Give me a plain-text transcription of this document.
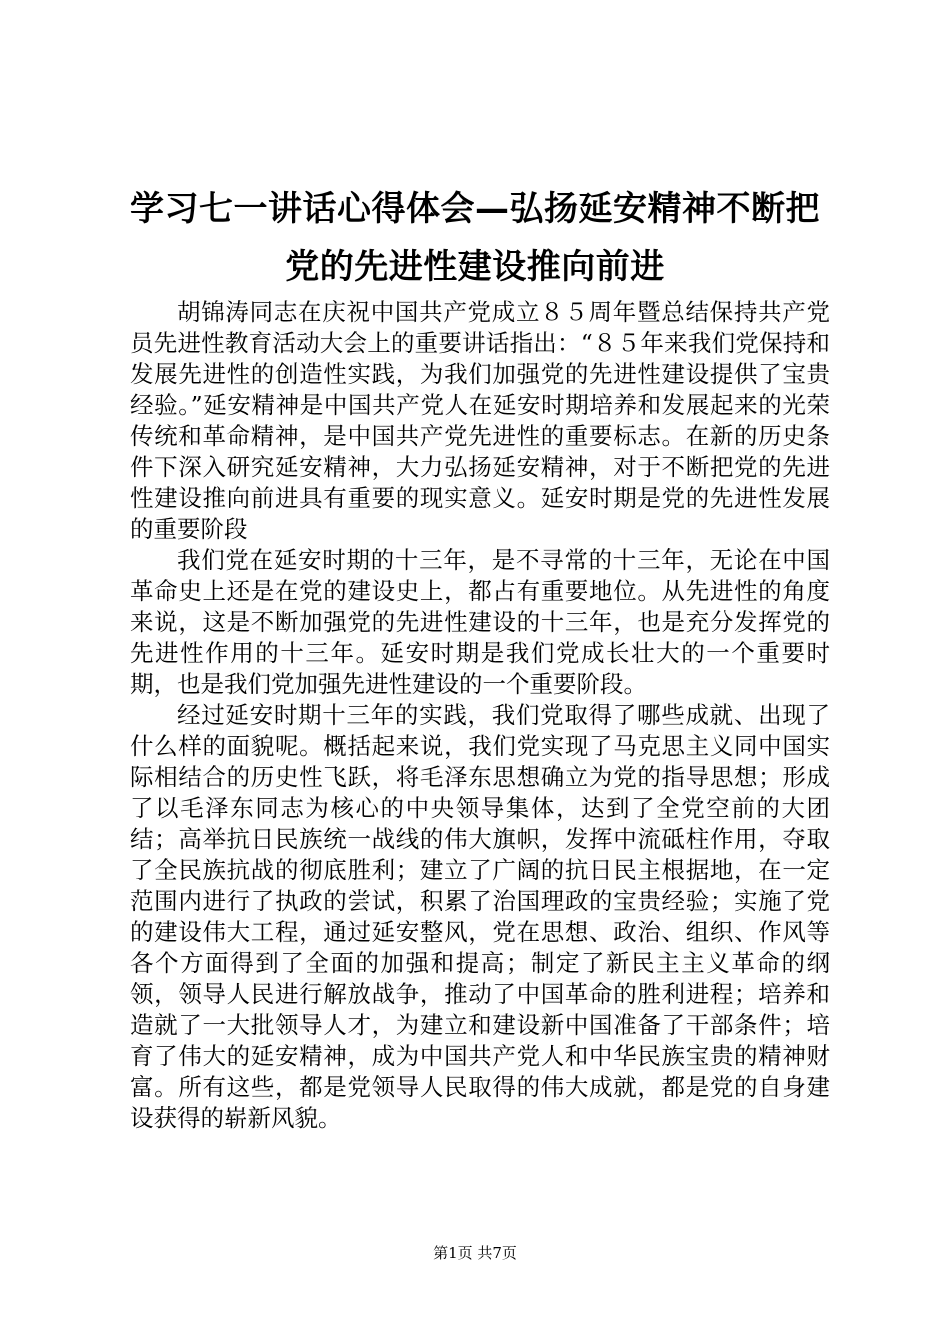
学习七一讲话心得体会—弘扬延安精神不断把
党的先进性建设推向前进

胡锦涛同志在庆祝中国共产党成立８５周年暨总结保持共产党员先进性教育活动大会上的重要讲话指出：“８５年来我们党保持和发展先进性的创造性实践，为我们加强党的先进性建设提供了宝贵经验。”延安精神是中国共产党人在延安时期培养和发展起来的光荣传统和革命精神，是中国共产党先进性的重要标志。在新的历史条件下深入研究延安精神，大力弘扬延安精神，对于不断把党的先进性建设推向前进具有重要的现实意义。延安时期是党的先进性发展的重要阶段

我们党在延安时期的十三年，是不寻常的十三年，无论在中国革命史上还是在党的建设史上，都占有重要地位。从先进性的角度来说，这是不断加强党的先进性建设的十三年，也是充分发挥党的先进性作用的十三年。延安时期是我们党成长壮大的一个重要时期，也是我们党加强先进性建设的一个重要阶段。

经过延安时期十三年的实践，我们党取得了哪些成就、出现了什么样的面貌呢。概括起来说，我们党实现了马克思主义同中国实际相结合的历史性飞跃，将毛泽东思想确立为党的指导思想；形成了以毛泽东同志为核心的中央领导集体，达到了全党空前的大团结；高举抗日民族统一战线的伟大旗帜，发挥中流砥柱作用，夺取了全民族抗战的彻底胜利；建立了广阔的抗日民主根据地，在一定范围内进行了执政的尝试，积累了治国理政的宝贵经验；实施了党的建设伟大工程，通过延安整风，党在思想、政治、组织、作风等各个方面得到了全面的加强和提高；制定了新民主主义革命的纲领，领导人民进行解放战争，推动了中国革命的胜利进程；培养和造就了一大批领导人才，为建立和建设新中国准备了干部条件；培育了伟大的延安精神，成为中国共产党人和中华民族宝贵的精神财富。所有这些，都是党领导人民取得的伟大成就，都是党的自身建设获得的崭新风貌。

第1页 共7页
